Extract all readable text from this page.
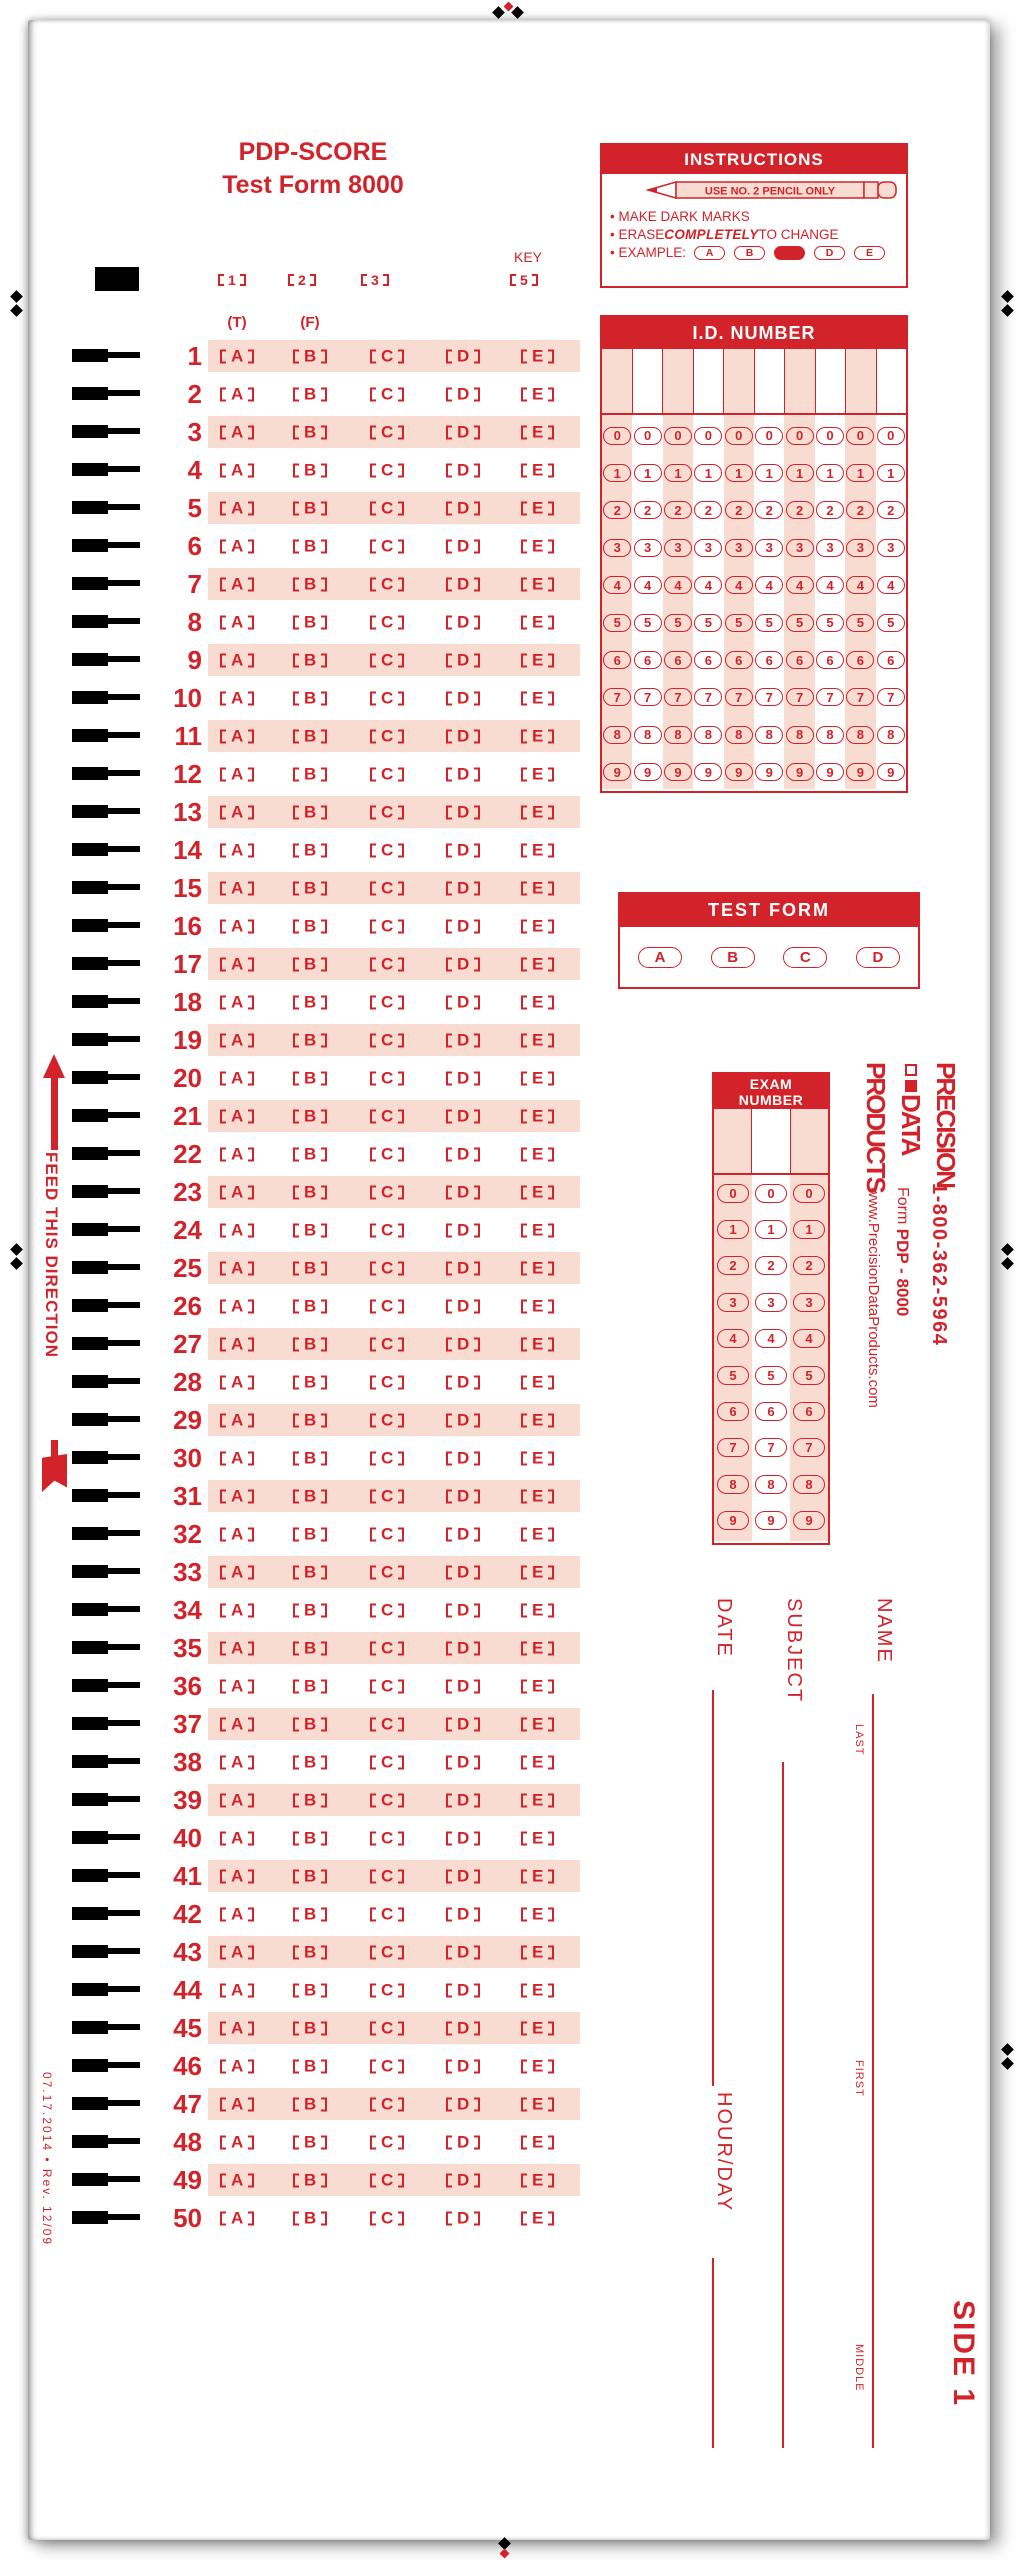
PDP-SCORE
Test Form 8000
KEY
1	2	3	5
(T)	(F)
1 A	B	C	D	E
2 A	B	C	D	E
3 A	B	C	D	E
4 A	B	C	D	E
5 A	B	C	D	E
6 A	B	C	D	E
7 A	B	C	D	E
8 A	B	C	D	E
9 A	B	C	D	E
10 A	B	C	D	E
11 A	B	C	D	E
12 A	B	C	D	E
13 A	B	C	D	E
14 A	B	C	D	E
15 A	B	C	D	E
16 A	B	C	D	E
17 A	B	C	D	E
18 A	B	C	D	E
19 A	B	C	D	E
20 A	B	C	D	E
21 A	B	C	D	E
22 A	B	C	D	E
23 A	B	C	D	E
24 A	B	C	D	E
25 A	B	C	D	E
26 A	B	C	D	E
27 A	B	C	D	E
28 A	B	C	D	E
29 A	B	C	D	E
30 A	B	C	D	E
31 A	B	C	D	E
32 A	B	C	D	E
33 A	B	C	D	E
34 A	B	C	D	E
35 A	B	C	D	E
36 A	B	C	D	E
37 A	B	C	D	E
38 A	B	C	D	E
39 A	B	C	D	E
40 A	B	C	D	E
41 A	B	C	D	E
42 A	B	C	D	E
43 A	B	C	D	E
44 A	B	C	D	E
45 A	B	C	D	E
46 A	B	C	D	E
47 A	B	C	D	E
48 A	B	C	D	E
49 A	B	C	D	E
50 A	B	C	D	E
INSTRUCTIONS
USE NO. 2 PENCIL ONLY
•
MAKE DARK MARKS
•
ERASE COMPLETELY TO CHANGE
•
EXAMPLE:	A	B	D	E
I.D. NUMBER
0	0	0	0	0	0	0	0	0	0
1	1	1	1	1	1	1	1	1	1
2	2	2	2	2	2	2	2	2	2
3	3	3	3	3	3	3	3	3	3
4	4	4	4	4	4	4	4	4	4
5	5	5	5	5	5	5	5	5	5
6	6	6	6	6	6	6	6	6	6
7	7	7	7	7	7	7	7	7	7
8	8	8	8	8	8	8	8	8	8
9	9	9	9	9	9	9	9	9	9
TEST FORM
A	B	C	D
EXAM
NUMBER
0	0	0
1	1	1
2	2	2
3	3	3
4	4	4
5	5	5
6	6	6
7	7	7
8	8	8
9	9	9
PRECISION
DATA
PRODUCTS
1-800-362-5964
Form PDP - 8000
www.PrecisionDataProducts.com
NAME
LAST
FIRST
MIDDLE
SUBJECT
DATE
HOUR/DAY
SIDE 1
FEED THIS DIRECTION
07.17.2014 • Rev. 12/09
